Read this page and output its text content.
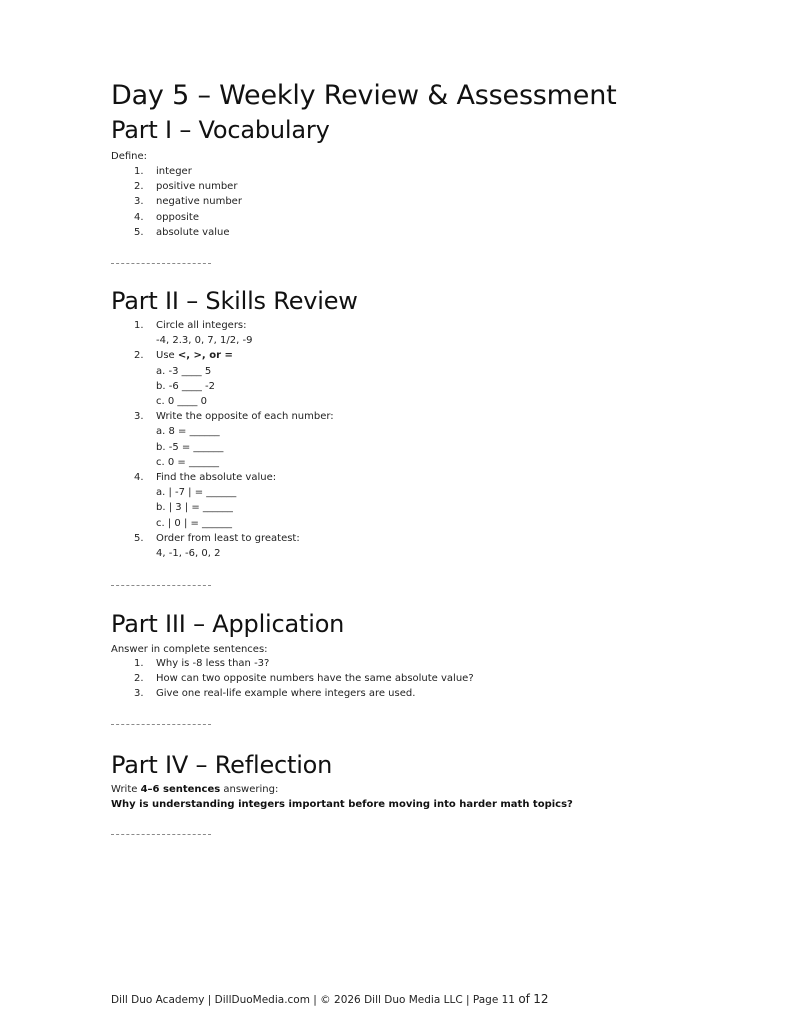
Day 5 – Weekly Review & Assessment
Part I – Vocabulary
Define:
1.	integer
2.	positive number
3.	negative number
4.	opposite
5.	absolute value
Part II – Skills Review
1.	Circle all integers:
-4, 2.3, 0, 7, 1/2, -9
2.	Use <, >, or =
a. -3 ____ 5
b. -6 ____ -2
c. 0 ____ 0
3.	Write the opposite of each number:
a. 8 = ______
b. -5 = ______
c. 0 = ______
4.	Find the absolute value:
a. | -7 | = ______
b. | 3 | = ______
c. | 0 | = ______
5.	Order from least to greatest:
4, -1, -6, 0, 2
Part III – Application
Answer in complete sentences:
1.	Why is -8 less than -3?
2.	How can two opposite numbers have the same absolute value?
3.	Give one real-life example where integers are used.
Part IV – Reflection
Write 4–6 sentences answering:
Why is understanding integers important before moving into harder math topics?
Dill Duo Academy | DillDuoMedia.com | © 2026 Dill Duo Media LLC | Page 11 of 12
